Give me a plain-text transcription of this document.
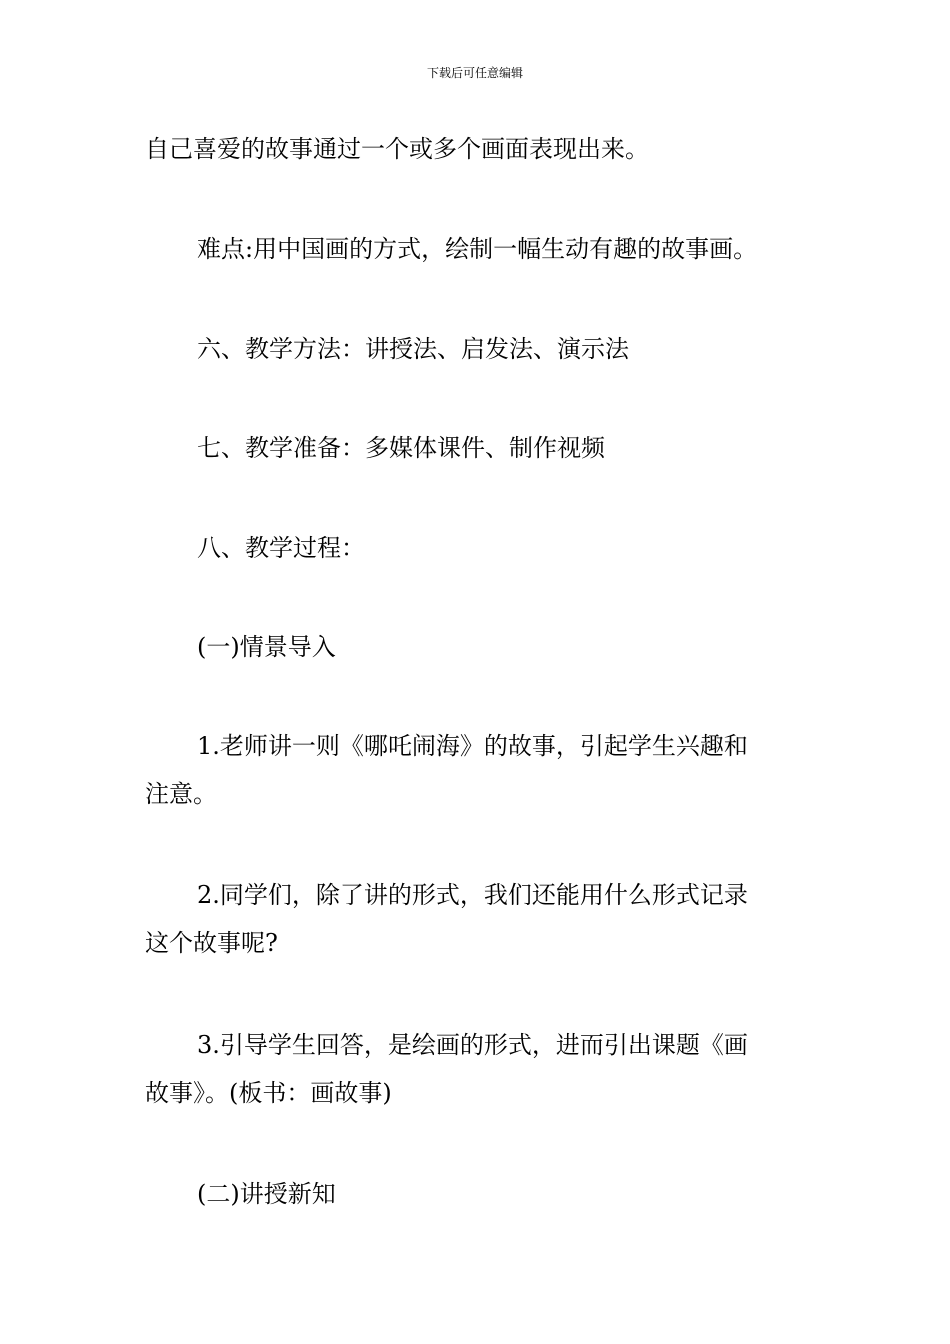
下载后可任意编辑

自己喜爱的故事通过一个或多个画面表现出来。

难点:用中国画的方式，绘制一幅生动有趣的故事画。

六、教学方法：讲授法、启发法、演示法

七、教学准备：多媒体课件、制作视频

八、教学过程：

(一)情景导入

1.老师讲一则《哪吒闹海》的故事，引起学生兴趣和
注意。
2.同学们，除了讲的形式，我们还能用什么形式记录
这个故事呢?
3.引导学生回答，是绘画的形式，进而引出课题《画
故事》。(板书：画故事)

(二)讲授新知
